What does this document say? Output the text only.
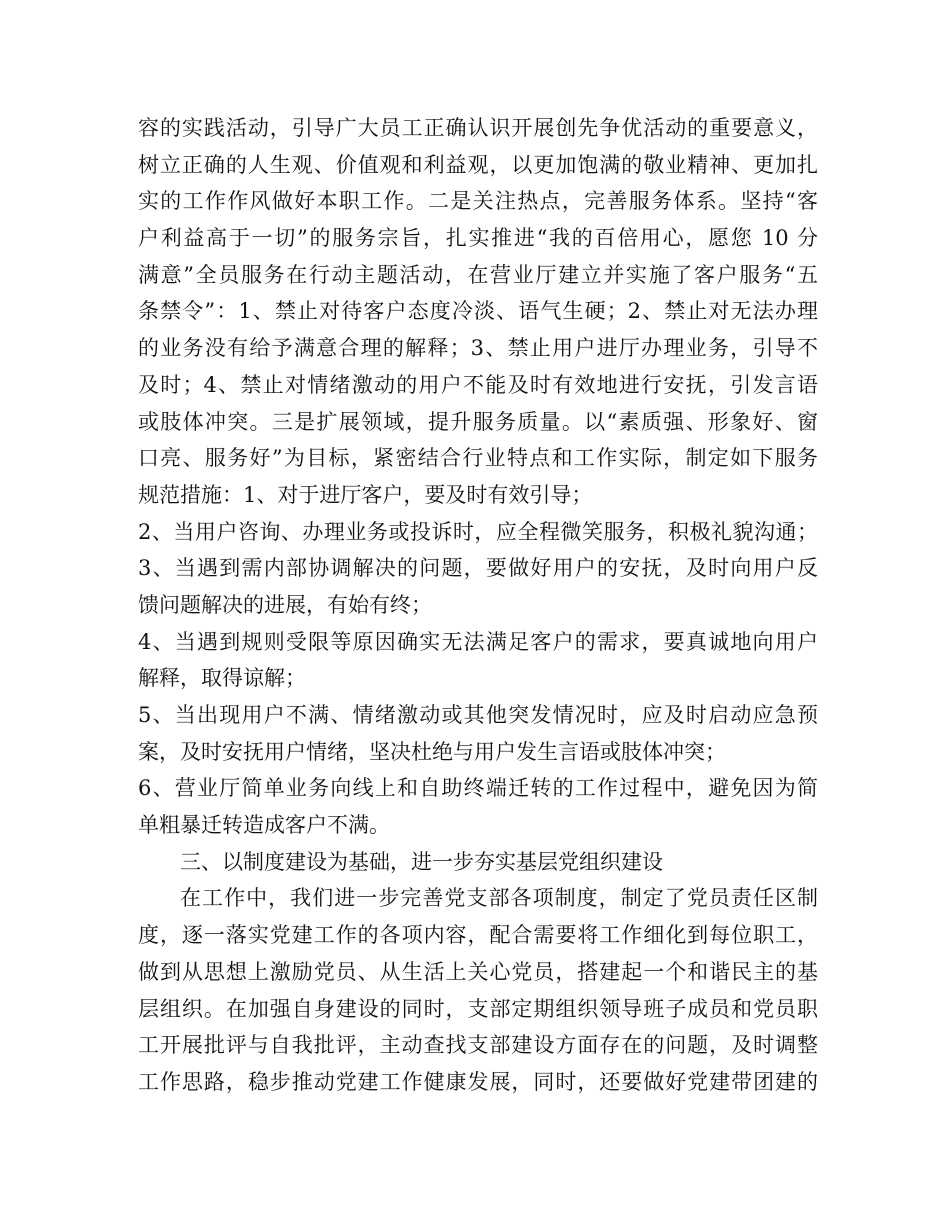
容的实践活动，引导广大员工正确认识开展创先争优活动的重要意义，
树立正确的人生观、价值观和利益观，以更加饱满的敬业精神、更加扎
实的工作作风做好本职工作。二是关注热点，完善服务体系。坚持“客
户利益高于一切”的服务宗旨，扎实推进“我的百倍用心，愿您 10 分
满意”全员服务在行动主题活动，在营业厅建立并实施了客户服务“五
条禁令”：1、禁止对待客户态度冷淡、语气生硬；2、禁止对无法办理
的业务没有给予满意合理的解释；3、禁止用户进厅办理业务，引导不
及时；4、禁止对情绪激动的用户不能及时有效地进行安抚，引发言语
或肢体冲突。三是扩展领域，提升服务质量。以“素质强、形象好、窗
口亮、服务好”为目标，紧密结合行业特点和工作实际，制定如下服务
规范措施：1、对于进厅客户，要及时有效引导；
2、当用户咨询、办理业务或投诉时，应全程微笑服务，积极礼貌沟通；
3、当遇到需内部协调解决的问题，要做好用户的安抚，及时向用户反
馈问题解决的进展，有始有终；
4、当遇到规则受限等原因确实无法满足客户的需求，要真诚地向用户
解释，取得谅解；
5、当出现用户不满、情绪激动或其他突发情况时，应及时启动应急预
案，及时安抚用户情绪，坚决杜绝与用户发生言语或肢体冲突；
6、营业厅简单业务向线上和自助终端迁转的工作过程中，避免因为简
单粗暴迁转造成客户不满。
三、以制度建设为基础，进一步夯实基层党组织建设
在工作中，我们进一步完善党支部各项制度，制定了党员责任区制
度，逐一落实党建工作的各项内容，配合需要将工作细化到每位职工，
做到从思想上激励党员、从生活上关心党员，搭建起一个和谐民主的基
层组织。在加强自身建设的同时，支部定期组织领导班子成员和党员职
工开展批评与自我批评，主动查找支部建设方面存在的问题，及时调整
工作思路，稳步推动党建工作健康发展，同时，还要做好党建带团建的
